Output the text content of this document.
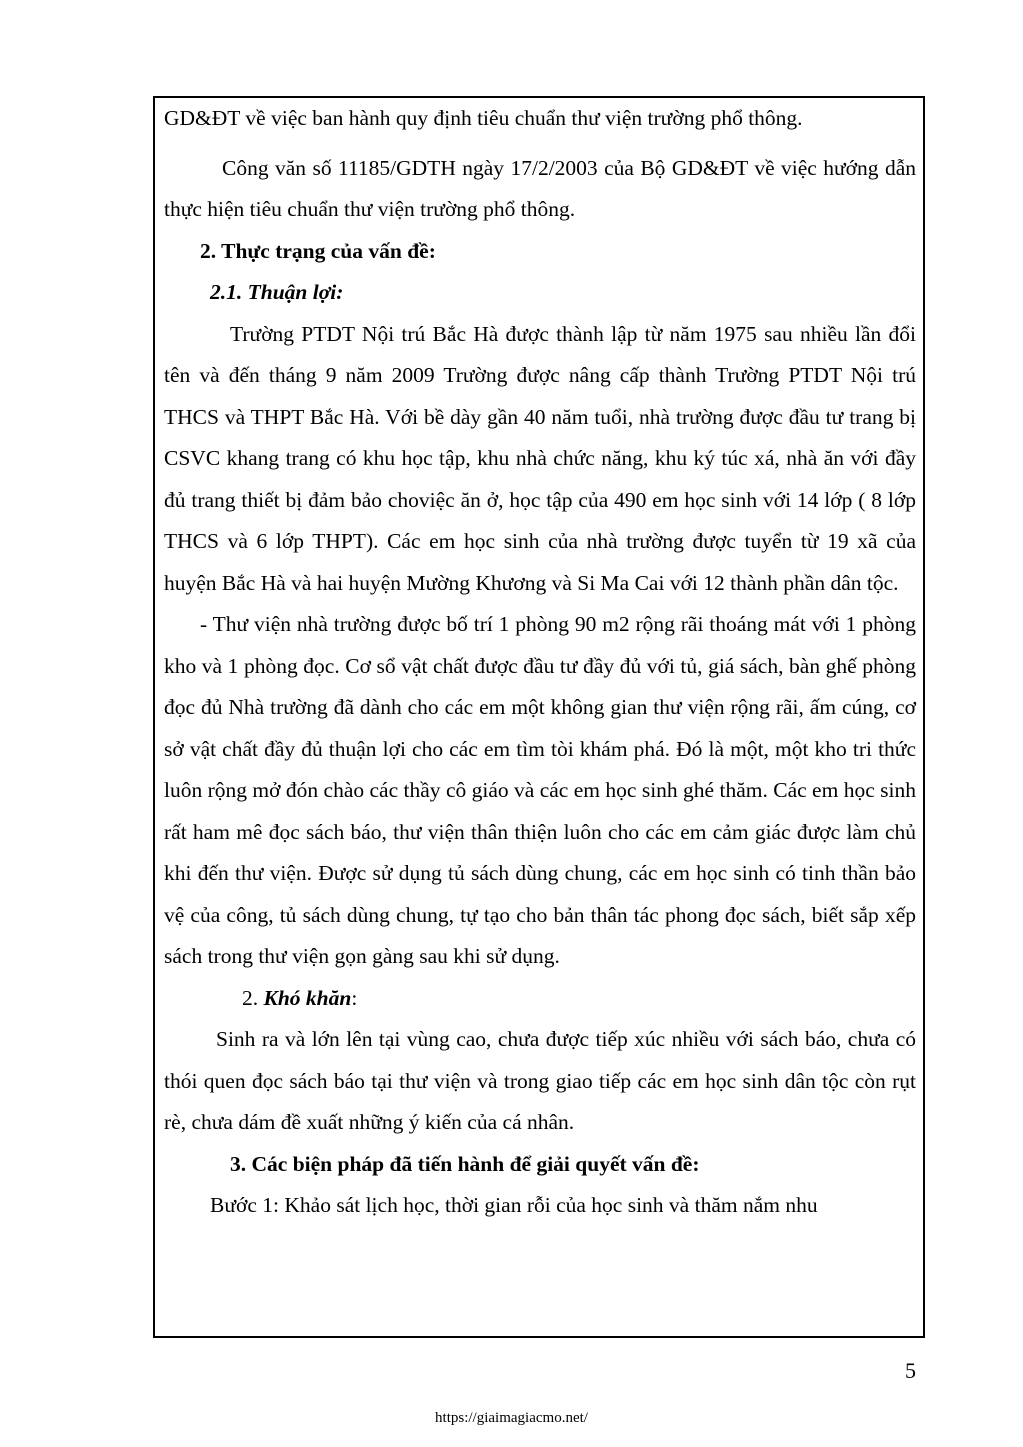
GD&ĐT về việc ban hành quy định tiêu chuẩn thư viện trường phổ thông.

Công văn số 11185/GDTH ngày 17/2/2003 của Bộ GD&ĐT về việc hướng dẫn thực hiện tiêu chuẩn thư viện trường phổ thông.

2. Thực trạng của vấn đề:

2.1. Thuận lợi:

Trường PTDT Nội trú Bắc Hà được thành lập từ năm 1975 sau nhiều lần đổi tên và đến tháng 9 năm 2009 Trường được nâng cấp thành Trường PTDT Nội trú THCS và THPT Bắc Hà. Với bề dày gần 40 năm tuổi, nhà trường được đầu tư trang bị CSVC khang trang có khu học tập, khu nhà chức năng, khu ký túc xá, nhà ăn với đầy đủ trang thiết bị đảm bảo choviệc ăn ở, học tập của 490 em học sinh với 14 lớp ( 8 lớp THCS và 6 lớp THPT). Các em học sinh của nhà trường được tuyển từ 19 xã của huyện Bắc Hà và hai huyện Mường Khương và Si Ma Cai với 12 thành phần dân tộc.

- Thư viện nhà trường được bố trí 1 phòng 90 m2 rộng rãi thoáng mát với 1 phòng kho và 1 phòng đọc. Cơ sổ vật chất được đầu tư đầy đủ với tủ, giá sách, bàn ghế phòng đọc đủ Nhà trường đã dành cho các em một không gian thư viện rộng rãi, ấm cúng, cơ sở vật chất đầy đủ thuận lợi cho các em tìm tòi khám phá. Đó là một, một kho tri thức luôn rộng mở đón chào các thầy cô giáo và các em học sinh ghé thăm. Các em học sinh rất ham mê đọc sách báo, thư viện thân thiện luôn cho các em cảm giác được làm chủ khi đến thư viện. Được sử dụng tủ sách dùng chung, các em học sinh có tinh thần bảo vệ của công, tủ sách dùng chung, tự tạo cho bản thân tác phong đọc sách, biết sắp xếp sách trong thư viện gọn gàng sau khi sử dụng.

2. Khó khăn:

Sinh ra và lớn lên tại vùng cao, chưa được tiếp xúc nhiều với sách báo, chưa có thói quen đọc sách báo tại thư viện và trong giao tiếp các em học sinh dân tộc còn rụt rè, chưa dám đề xuất những ý kiến của cá nhân.

3. Các biện pháp đã tiến hành để giải quyết vấn đề:

Bước 1: Khảo sát lịch học, thời gian rỗi của học sinh và thăm nắm nhu

5
https://giaimagiacmo.net/
